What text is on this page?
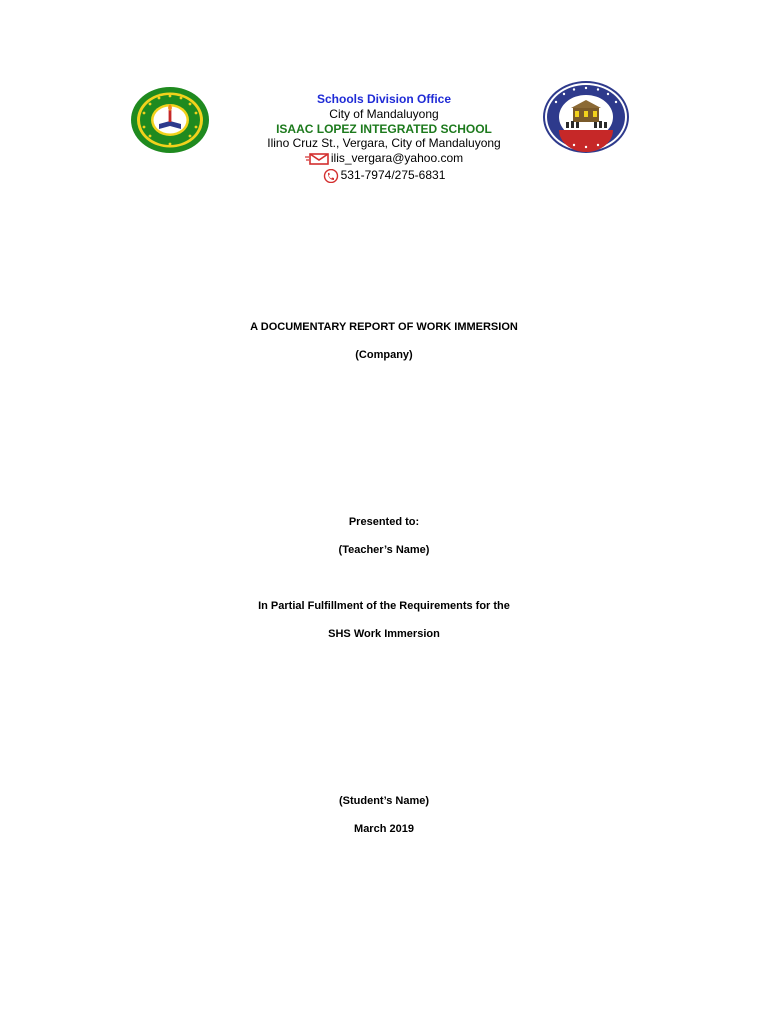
Schools Division Office
City of Mandaluyong
ISAAC LOPEZ INTEGRATED SCHOOL
Ilino Cruz St., Vergara, City of Mandaluyong
ilis_vergara@yahoo.com
531-7974/275-6831
A DOCUMENTARY REPORT OF WORK IMMERSION
(Company)
Presented to:
(Teacher’s Name)
In Partial Fulfillment of the Requirements for the
SHS Work Immersion
(Student’s Name)
March 2019
